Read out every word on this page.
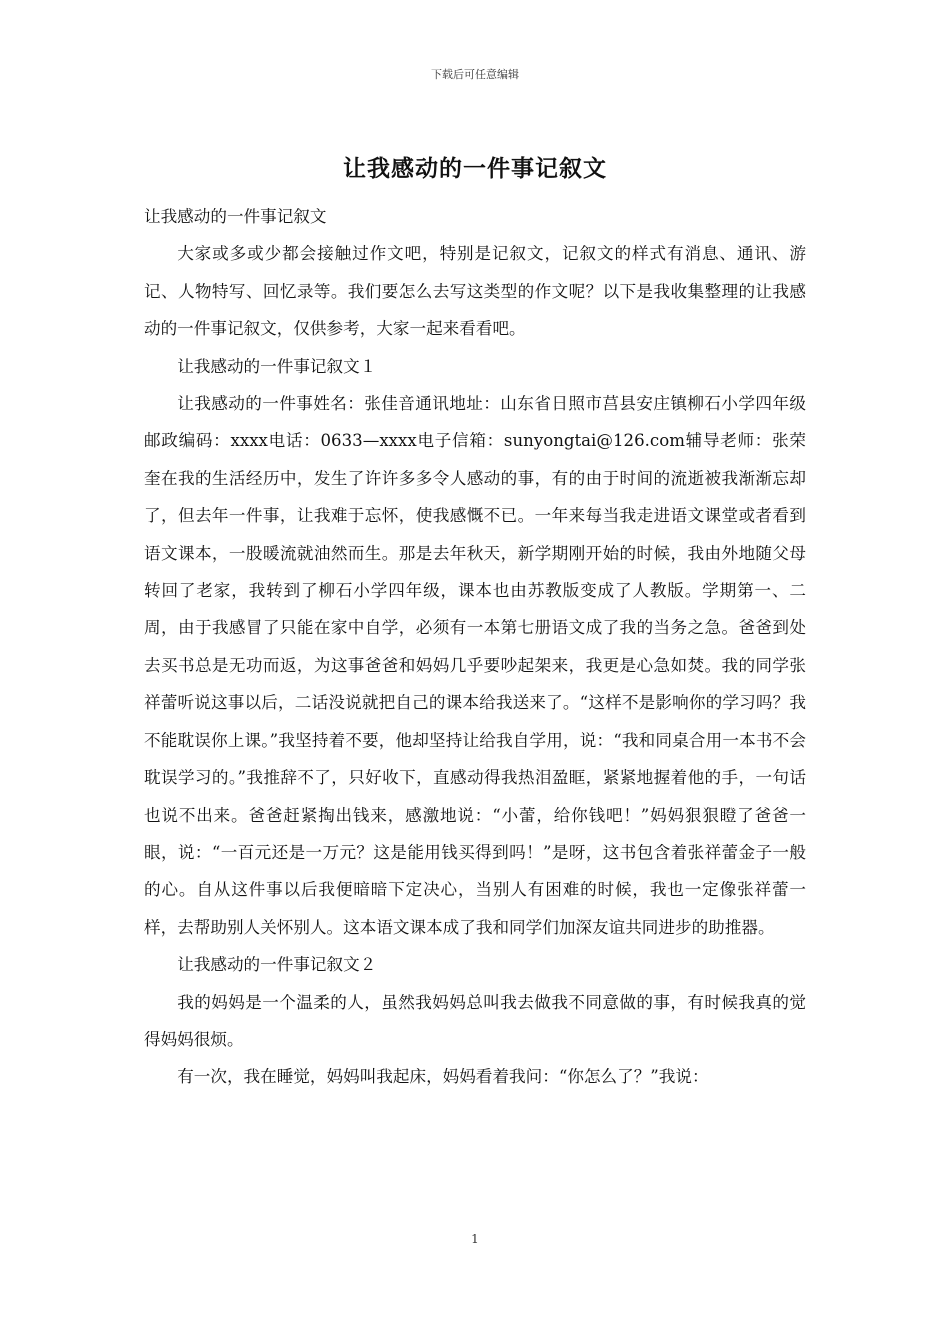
下载后可任意编辑
让我感动的一件事记叙文

让我感动的一件事记叙文

大家或多或少都会接触过作文吧，特别是记叙文，记叙文的样式有消息、通讯、游记、人物特写、回忆录等。我们要怎么去写这类型的作文呢？以下是我收集整理的让我感动的一件事记叙文，仅供参考，大家一起来看看吧。

让我感动的一件事记叙文１

让我感动的一件事姓名：张佳音通讯地址：山东省日照市莒县安庄镇柳石小学四年级邮政编码：xxxx电话：0633—xxxx电子信箱：sunyongtai@126.com辅导老师：张荣奎在我的生活经历中，发生了许许多多令人感动的事，有的由于时间的流逝被我渐渐忘却了，但去年一件事，让我难于忘怀，使我感慨不已。一年来每当我走进语文课堂或者看到语文课本，一股暖流就油然而生。那是去年秋天，新学期刚开始的时候，我由外地随父母转回了老家，我转到了柳石小学四年级，课本也由苏教版变成了人教版。学期第一、二周，由于我感冒了只能在家中自学，必须有一本第七册语文成了我的当务之急。爸爸到处去买书总是无功而返，为这事爸爸和妈妈几乎要吵起架来，我更是心急如焚。我的同学张祥蕾听说这事以后，二话没说就把自己的课本给我送来了。“这样不是影响你的学习吗？我不能耽误你上课。”我坚持着不要，他却坚持让给我自学用，说：“我和同桌合用一本书不会耽误学习的。”我推辞不了，只好收下，直感动得我热泪盈眶，紧紧地握着他的手，一句话也说不出来。爸爸赶紧掏出钱来，感激地说：“小蕾，给你钱吧！”妈妈狠狠瞪了爸爸一眼，说：“一百元还是一万元？这是能用钱买得到吗！”是呀，这书包含着张祥蕾金子一般的心。自从这件事以后我便暗暗下定决心，当别人有困难的时候，我也一定像张祥蕾一样，去帮助别人关怀别人。这本语文课本成了我和同学们加深友谊共同进步的助推器。

让我感动的一件事记叙文２

我的妈妈是一个温柔的人，虽然我妈妈总叫我去做我不同意做的事，有时候我真的觉得妈妈很烦。

有一次，我在睡觉，妈妈叫我起床，妈妈看着我问：“你怎么了？”我说：

1
